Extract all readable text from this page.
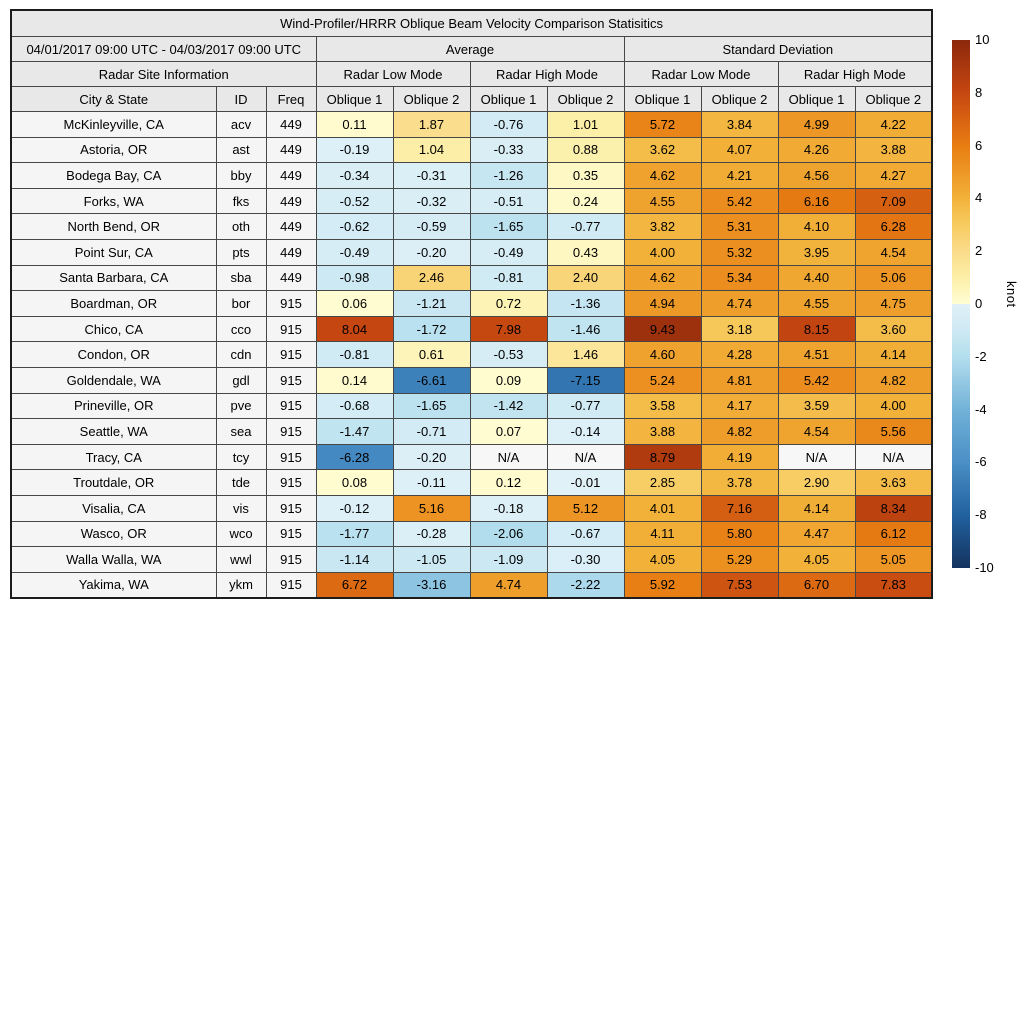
Wind-Profiler/HRRR Oblique Beam Velocity Comparison Statisitics										
04/01/2017 09:00 UTC - 04/03/2017 09:00 UTC			Average				Standard Deviation			
Radar Site Information			Radar Low Mode		Radar High Mode		Radar Low Mode		Radar High Mode	
City & State	ID	Freq	Oblique 1	Oblique 2	Oblique 1	Oblique 2	Oblique 1	Oblique 2	Oblique 1	Oblique 2
McKinleyville, CA	acv	449	0.11	1.87	-0.76	1.01	5.72	3.84	4.99	4.22
Astoria, OR	ast	449	-0.19	1.04	-0.33	0.88	3.62	4.07	4.26	3.88
Bodega Bay, CA	bby	449	-0.34	-0.31	-1.26	0.35	4.62	4.21	4.56	4.27
Forks, WA	fks	449	-0.52	-0.32	-0.51	0.24	4.55	5.42	6.16	7.09
North Bend, OR	oth	449	-0.62	-0.59	-1.65	-0.77	3.82	5.31	4.10	6.28
Point Sur, CA	pts	449	-0.49	-0.20	-0.49	0.43	4.00	5.32	3.95	4.54
Santa Barbara, CA	sba	449	-0.98	2.46	-0.81	2.40	4.62	5.34	4.40	5.06
Boardman, OR	bor	915	0.06	-1.21	0.72	-1.36	4.94	4.74	4.55	4.75
Chico, CA	cco	915	8.04	-1.72	7.98	-1.46	9.43	3.18	8.15	3.60
Condon, OR	cdn	915	-0.81	0.61	-0.53	1.46	4.60	4.28	4.51	4.14
Goldendale, WA	gdl	915	0.14	-6.61	0.09	-7.15	5.24	4.81	5.42	4.82
Prineville, OR	pve	915	-0.68	-1.65	-1.42	-0.77	3.58	4.17	3.59	4.00
Seattle, WA	sea	915	-1.47	-0.71	0.07	-0.14	3.88	4.82	4.54	5.56
Tracy, CA	tcy	915	-6.28	-0.20	N/A	N/A	8.79	4.19	N/A	N/A
Troutdale, OR	tde	915	0.08	-0.11	0.12	-0.01	2.85	3.78	2.90	3.63
Visalia, CA	vis	915	-0.12	5.16	-0.18	5.12	4.01	7.16	4.14	8.34
Wasco, OR	wco	915	-1.77	-0.28	-2.06	-0.67	4.11	5.80	4.47	6.12
Walla Walla, WA	wwl	915	-1.14	-1.05	-1.09	-0.30	4.05	5.29	4.05	5.05
Yakima, WA	ykm	915	6.72	-3.16	4.74	-2.22	5.92	7.53	6.70	7.83
10
8
6
4
2
0
-2
-4
-6
-8
-10
knot
